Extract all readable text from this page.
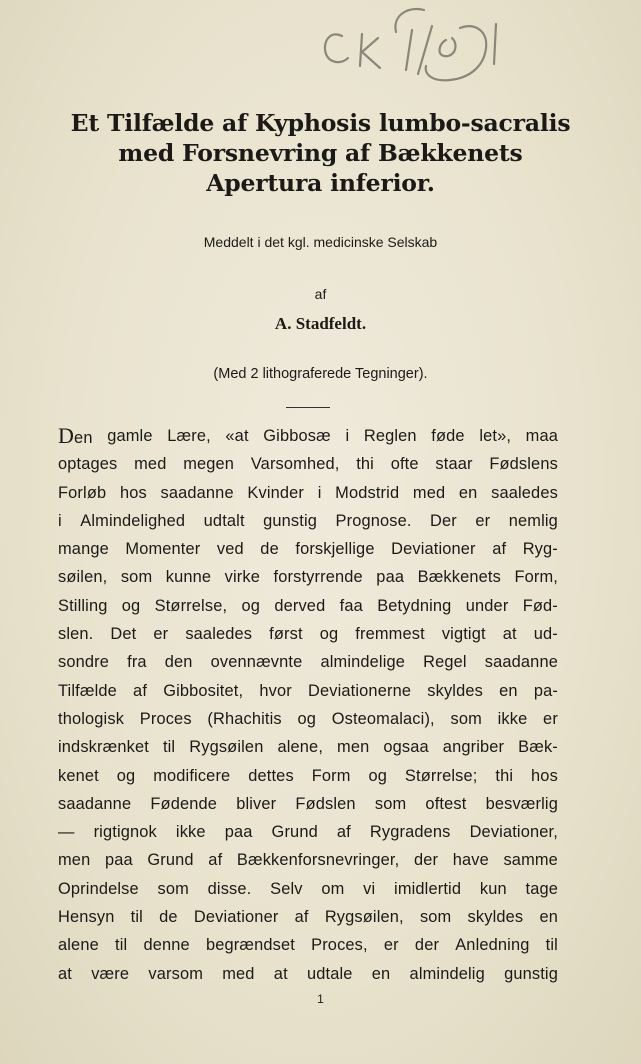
Et Tilfælde af Kyphosis lumbo-sacralis
med Forsnevring af Bækkenets
Apertura inferior.
Meddelt i det kgl. medicinske Selskab
af
A. Stadfeldt.
(Med 2 lithograferede Tegninger).
Den gamle Lære, «at Gibbosæ i Reglen føde let», maa
optages med megen Varsomhed, thi ofte staar Fødslens
Forløb hos saadanne Kvinder i Modstrid med en saaledes
i Almindelighed udtalt gunstig Prognose. Der er nemlig
mange Momenter ved de forskjellige Deviationer af Ryg-
søilen, som kunne virke forstyrrende paa Bækkenets Form,
Stilling og Størrelse, og derved faa Betydning under Fød-
slen. Det er saaledes først og fremmest vigtigt at ud-
sondre fra den ovennævnte almindelige Regel saadanne
Tilfælde af Gibbositet, hvor Deviationerne skyldes en pa-
thologisk Proces (Rhachitis og Osteomalaci), som ikke er
indskrænket til Rygsøilen alene, men ogsaa angriber Bæk-
kenet og modificere dettes Form og Størrelse; thi hos
saadanne Fødende bliver Fødslen som oftest besværlig
— rigtignok ikke paa Grund af Rygradens Deviationer,
men paa Grund af Bækkenforsnevringer, der have samme
Oprindelse som disse. Selv om vi imidlertid kun tage
Hensyn til de Deviationer af Rygsøilen, som skyldes en
alene til denne begrændset Proces, er der Anledning til
at være varsom med at udtale en almindelig gunstig
1
